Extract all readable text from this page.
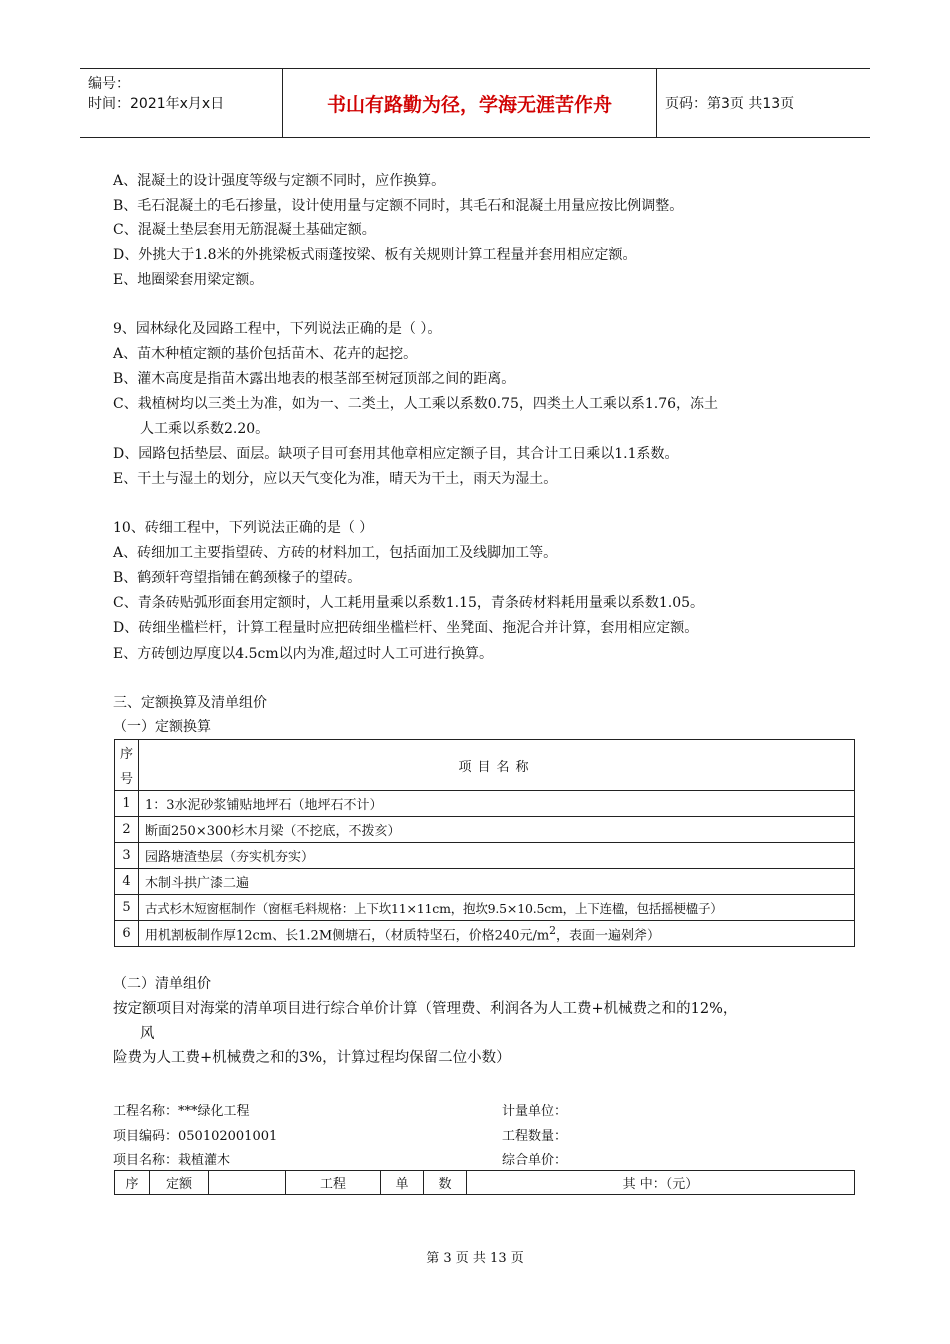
编号：
时间：2021年x月x日	书山有路勤为径，学海无涯苦作舟	页码：第3页 共13页
A、混凝土的设计强度等级与定额不同时，应作换算。
B、毛石混凝土的毛石掺量，设计使用量与定额不同时，其毛石和混凝土用量应按比例调整。
C、混凝土垫层套用无筋混凝土基础定额。
D、外挑大于1.8米的外挑梁板式雨蓬按梁、板有关规则计算工程量并套用相应定额。
E、地圈梁套用梁定额。
9、园林绿化及园路工程中，下列说法正确的是（ ）。
A、苗木种植定额的基价包括苗木、花卉的起挖。
B、灌木高度是指苗木露出地表的根茎部至树冠顶部之间的距离。
C、栽植树均以三类土为准，如为一、二类土，人工乘以系数0.75，四类土人工乘以系1.76，冻土
人工乘以系数2.20。
D、园路包括垫层、面层。缺项子目可套用其他章相应定额子目，其合计工日乘以1.1系数。
E、干土与湿土的划分，应以天气变化为准，晴天为干土，雨天为湿土。
10、砖细工程中，下列说法正确的是（ ）
A、砖细加工主要指望砖、方砖的材料加工，包括面加工及线脚加工等。
B、鹤颈轩弯望指铺在鹤颈椽子的望砖。
C、青条砖贴弧形面套用定额时，人工耗用量乘以系数1.15，青条砖材料耗用量乘以系数1.05。
D、砖细坐槛栏杆，计算工程量时应把砖细坐槛栏杆、坐凳面、拖泥合并计算，套用相应定额。
E、方砖刨边厚度以4.5cm以内为准,超过时人工可进行换算。
三、定额换算及清单组价
（一）定额换算
序
号	项目名称
1	1：3水泥砂浆铺贴地坪石（地坪石不计）
2	断面250×300杉木月梁（不挖底，不拨亥）
3	园路塘渣垫层（夯实机夯实）
4	木制斗拱广漆二遍
5	古式杉木短窗框制作（窗框毛料规格：上下坎11×11cm，抱坎9.5×10.5cm，上下连楹，包括摇梗楹子）
6	用机割板制作厚12cm、长1.2M侧塘石，（材质特坚石，价格240元$/m^2$，表面一遍剁斧）
（二）清单组价
按定额项目对海棠的清单项目进行综合单价计算（管理费、利润各为人工费+机械费之和的12%，
风
险费为人工费+机械费之和的3%，计算过程均保留二位小数）
工程名称：***绿化工程	计量单位：
项目编码：050102001001	工程数量：
项目名称：栽植灌木	综合单价：
序	定额		工程	单	数	其 中：（元）
第 3 页 共 13 页
